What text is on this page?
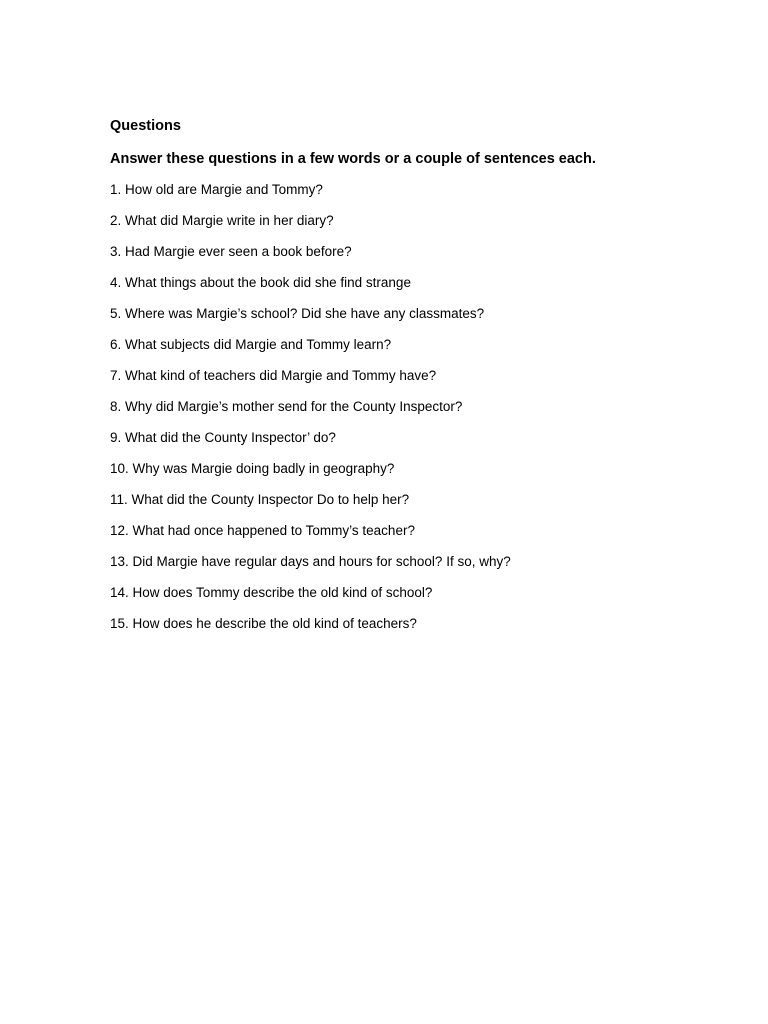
Questions
Answer these questions in a few words or a couple of sentences each.
1. How old are Margie and Tommy?
2. What did Margie write in her diary?
3. Had Margie ever seen a book before?
4. What things about the book did she find strange
5. Where was Margie’s school? Did she have any classmates?
6. What subjects did Margie and Tommy learn?
7. What kind of teachers did Margie and Tommy have?
8. Why did Margie’s mother send for the County Inspector?
9. What did the County Inspector’ do?
10. Why was Margie doing badly in geography?
11. What did the County Inspector Do to help her?
12. What had once happened to Tommy’s teacher?
13. Did Margie have regular days and hours for school? If so, why?
14. How does Tommy describe the old kind of school?
15. How does he describe the old kind of teachers?
